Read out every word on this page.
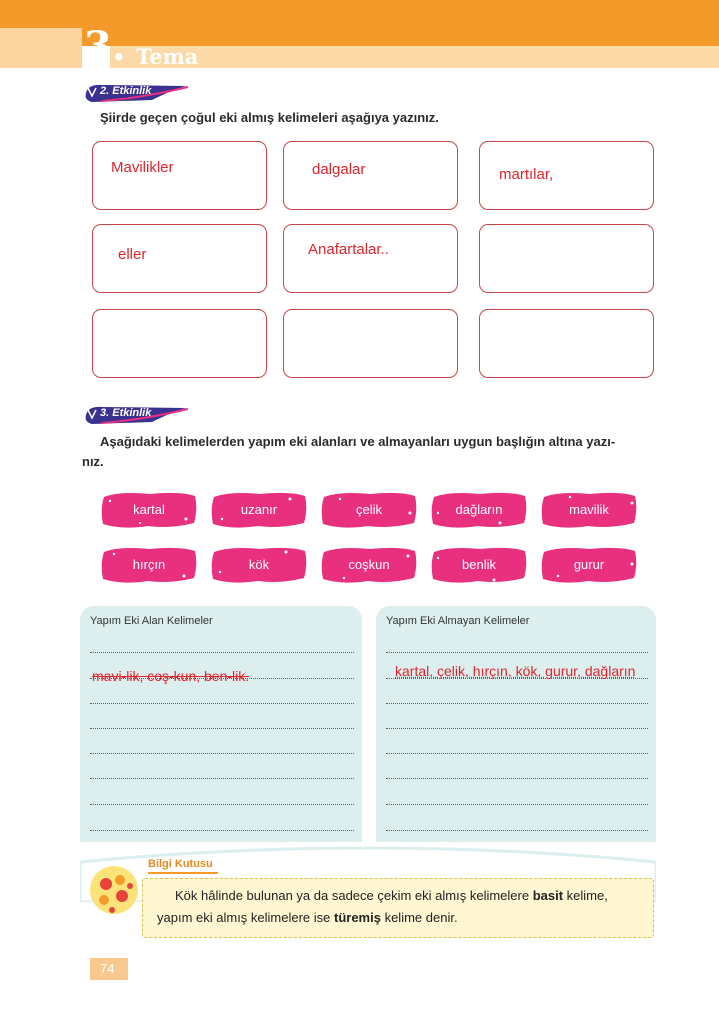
3. Tema
2. Etkinlik
Şiirde geçen çoğul eki almış kelimeleri aşağıya yazınız.
Mavilikler	dalgalar	martılar,
eller	Anafartalar..
3. Etkinlik
Aşağıdaki kelimelerden yapım eki alanları ve almayanları uygun başlığın altına yazı-
nız.
kartal	uzanır	çelik	dağların	mavilik
hırçın	kök	coşkun	benlik	gurur
Yapım Eki Alan Kelimeler	Yapım Eki Almayan Kelimeler
mavi-lik, coş-kun, ben-lik.	kartal, çelik, hırçın, kök, gurur, dağların
Bilgi Kutusu
Kök hâlinde bulunan ya da sadece çekim eki almış kelimelere basit kelime,
yapım eki almış kelimelere ise türemiş kelime denir.
74
